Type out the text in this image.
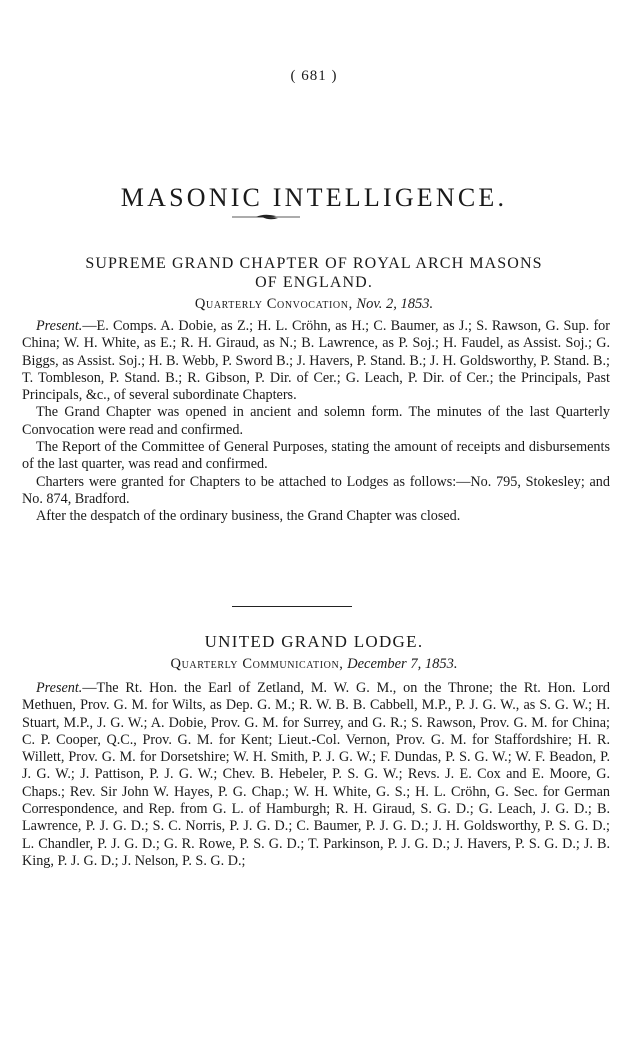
( 681 )
MASONIC INTELLIGENCE.
SUPREME GRAND CHAPTER OF ROYAL ARCH MASONS
OF ENGLAND.
Quarterly Convocation, Nov. 2, 1853.

Present.—E. Comps. A. Dobie, as Z.; H. L. Cröhn, as H.; C. Baumer, as J.; S. Rawson, G. Sup. for China; W. H. White, as E.; R. H. Giraud, as N.; B. Lawrence, as P. Soj.; H. Faudel, as Assist. Soj.; G. Biggs, as Assist. Soj.; H. B. Webb, P. Sword B.; J. Havers, P. Stand. B.; J. H. Goldsworthy, P. Stand. B.; T. Tombleson, P. Stand. B.; R. Gibson, P. Dir. of Cer.; G. Leach, P. Dir. of Cer.; the Principals, Past Principals, &c., of several subordinate Chapters.

The Grand Chapter was opened in ancient and solemn form. The minutes of the last Quarterly Convocation were read and confirmed.

The Report of the Committee of General Purposes, stating the amount of receipts and disbursements of the last quarter, was read and confirmed.

Charters were granted for Chapters to be attached to Lodges as follows:—No. 795, Stokesley; and No. 874, Bradford.

After the despatch of the ordinary business, the Grand Chapter was closed.

UNITED GRAND LODGE.
Quarterly Communication, December 7, 1853.

Present.—The Rt. Hon. the Earl of Zetland, M. W. G. M., on the Throne; the Rt. Hon. Lord Methuen, Prov. G. M. for Wilts, as Dep. G. M.; R. W. B. B. Cabbell, M.P., P. J. G. W., as S. G. W.; H. Stuart, M.P., J. G. W.; A. Dobie, Prov. G. M. for Surrey, and G. R.; S. Rawson, Prov. G. M. for China; C. P. Cooper, Q.C., Prov. G. M. for Kent; Lieut.-Col. Vernon, Prov. G. M. for Staffordshire; H. R. Willett, Prov. G. M. for Dorsetshire; W. H. Smith, P. J. G. W.; F. Dundas, P. S. G. W.; W. F. Beadon, P. J. G. W.; J. Pattison, P. J. G. W.; Chev. B. Hebeler, P. S. G. W.; Revs. J. E. Cox and E. Moore, G. Chaps.; Rev. Sir John W. Hayes, P. G. Chap.; W. H. White, G. S.; H. L. Cröhn, G. Sec. for German Correspondence, and Rep. from G. L. of Hamburgh; R. H. Giraud, S. G. D.; G. Leach, J. G. D.; B. Lawrence, P. J. G. D.; S. C. Norris, P. J. G. D.; C. Baumer, P. J. G. D.; J. H. Goldsworthy, P. S. G. D.; L. Chandler, P. J. G. D.; G. R. Rowe, P. S. G. D.; T. Parkinson, P. J. G. D.; J. Havers, P. S. G. D.; J. B. King, P. J. G. D.; J. Nelson, P. S. G. D.;
